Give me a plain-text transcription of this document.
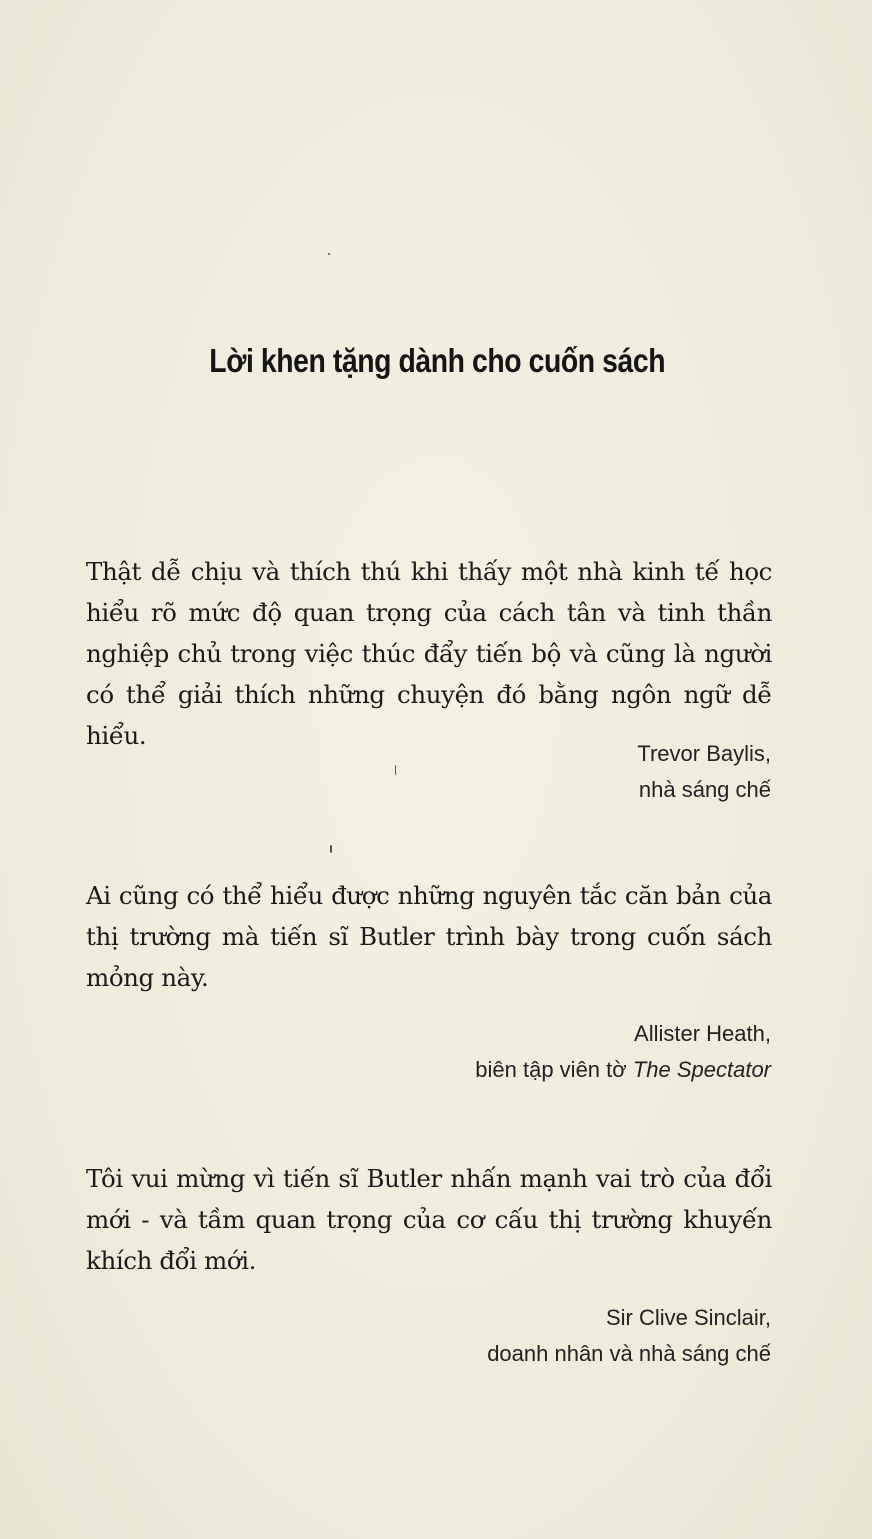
Lời khen tặng dành cho cuốn sách
Thật dễ chịu và thích thú khi thấy một nhà kinh tế học hiểu rõ mức độ quan trọng của cách tân và tinh thần nghiệp chủ trong việc thúc đẩy tiến bộ và cũng là người có thể giải thích những chuyện đó bằng ngôn ngữ dễ hiểu.
Trevor Baylis,
nhà sáng chế
Ai cũng có thể hiểu được những nguyên tắc căn bản của thị trường mà tiến sĩ Butler trình bày trong cuốn sách mỏng này.
Allister Heath,
biên tập viên tờ The Spectator
Tôi vui mừng vì tiến sĩ Butler nhấn mạnh vai trò của đổi mới - và tầm quan trọng của cơ cấu thị trường khuyến khích đổi mới.
Sir Clive Sinclair,
doanh nhân và nhà sáng chế
